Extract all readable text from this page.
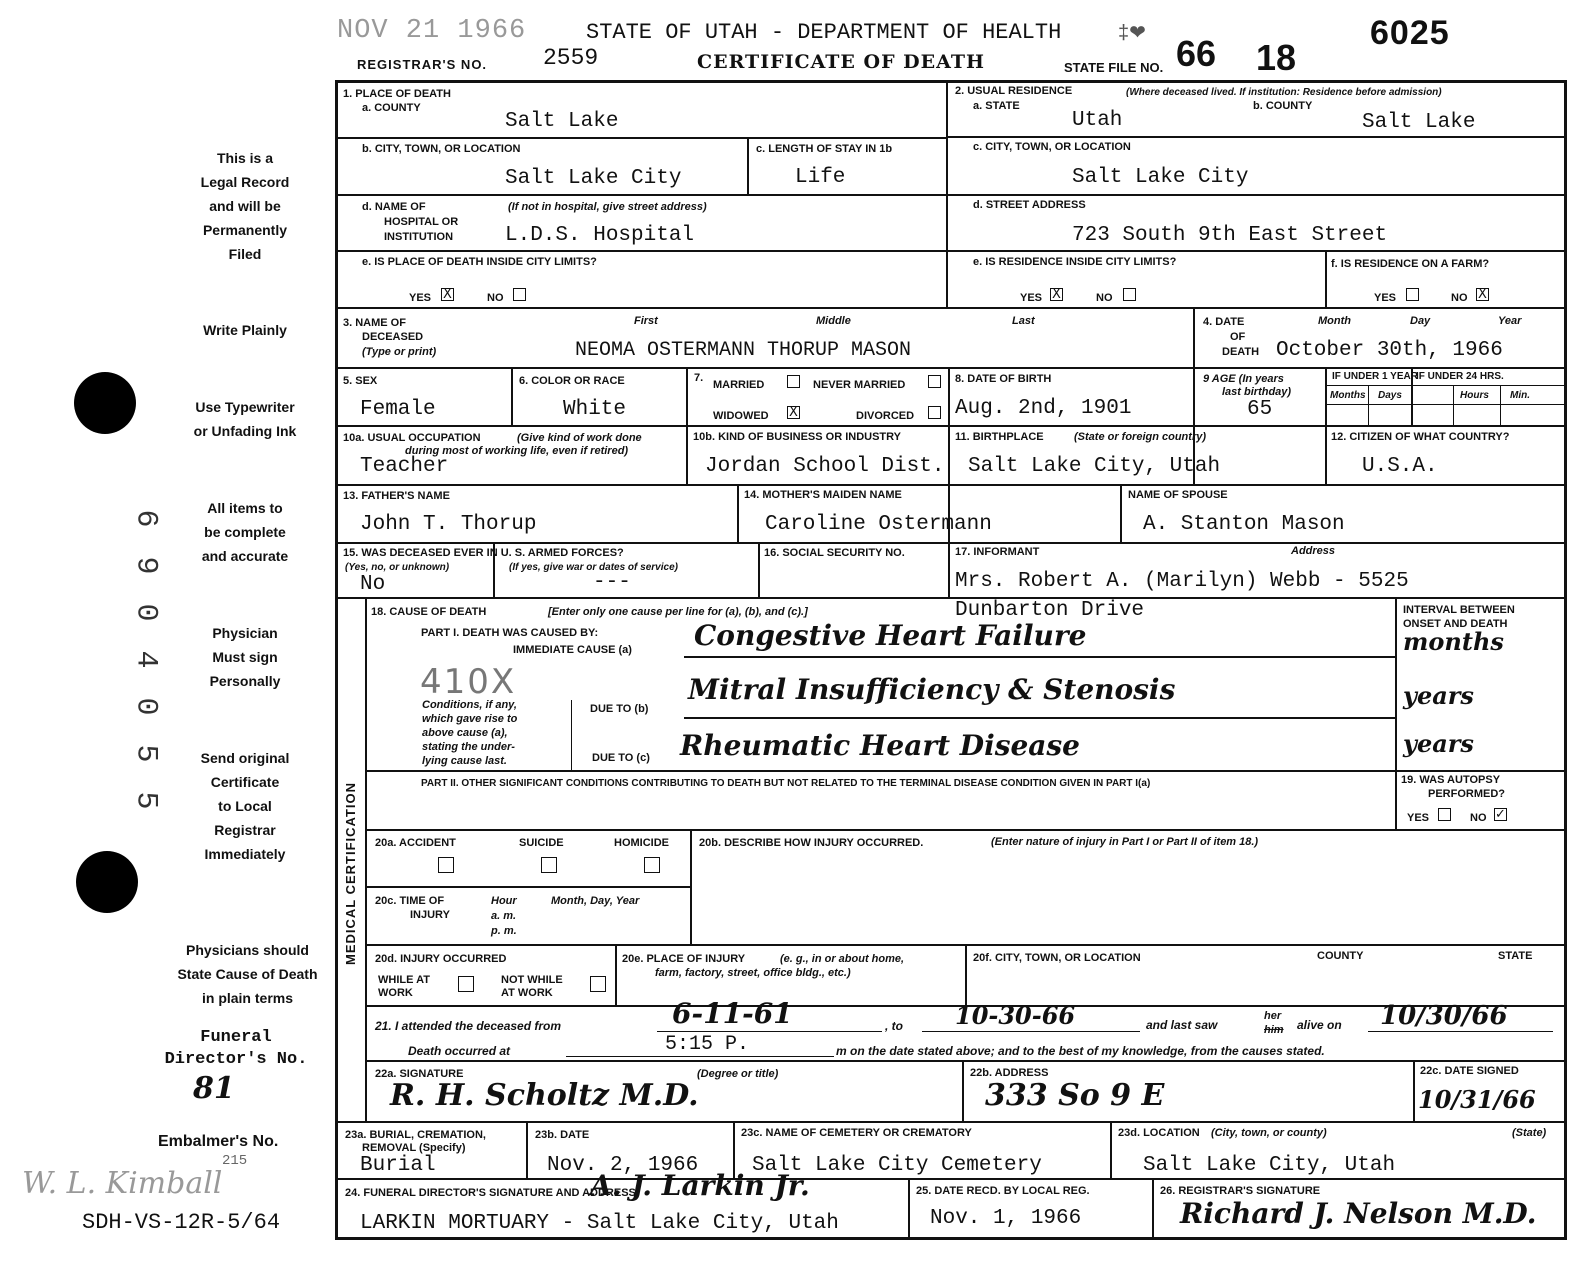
NOV 21 1966	STATE OF UTAH - DEPARTMENT OF HEALTH	‡❤
REGISTRAR'S NO. 2559	CERTIFICATE OF DEATH	STATE FILE NO. 66 18
6025
This is a
Legal Record
and will be
Permanently
Filed
Write Plainly
Use Typewriter
or Unfading Ink
All items to
be complete
and accurate
Physician
Must sign
Personally
Send original
Certificate
to Local
Registrar
Immediately
Physicians should
State Cause of Death
in plain terms
Funeral
Director's No.
81
Embalmer's No.
215
W. L. Kimball
SDH-VS-12R-5/64
6
9
0
4
0
5
5
1. PLACE OF DEATH
a. COUNTY
Salt Lake
2. USUAL RESIDENCE	(Where deceased lived. If institution: Residence before admission)
a. STATE	b. COUNTY
Utah	Salt Lake
b. CITY, TOWN, OR LOCATION
Salt Lake City
c. LENGTH OF STAY IN 1b
Life
c. CITY, TOWN, OR LOCATION
Salt Lake City
d. NAME OF
HOSPITAL OR
INSTITUTION
(If not in hospital, give street address)
L.D.S. Hospital
d. STREET ADDRESS
723 South 9th East Street
e. IS PLACE OF DEATH INSIDE CITY LIMITS?
YES X	NO
e. IS RESIDENCE INSIDE CITY LIMITS?
YES X	NO
f. IS RESIDENCE ON A FARM?
YES	NO X
3. NAME OF
DECEASED
(Type or print)
First	Middle	Last
NEOMA OSTERMANN THORUP MASON
4. DATE
OF
DEATH
Month	Day	Year
October 30th, 1966
5. SEX
Female
6. COLOR OR RACE
White
7.
MARRIED	NEVER MARRIED
WIDOWED X	DIVORCED
8. DATE OF BIRTH
Aug. 2nd, 1901
9 AGE (In years
last birthday)
65
IF UNDER 1 YEAR
IF UNDER 24 HRS.
Months Days	Hours Min.
10a. USUAL OCCUPATION	(Give kind of work done
during most of working life, even if retired)
Teacher
10b. KIND OF BUSINESS OR INDUSTRY
Jordan School Dist.
11. BIRTHPLACE	(State or foreign country)
Salt Lake City, Utah
12. CITIZEN OF WHAT COUNTRY?
U.S.A.
13. FATHER'S NAME
John T. Thorup
14. MOTHER'S MAIDEN NAME
Caroline Ostermann
NAME OF SPOUSE
A. Stanton Mason
15. WAS DECEASED EVER IN U. S. ARMED FORCES?
(Yes, no, or unknown)	(If yes, give war or dates of service)
No	---
16. SOCIAL SECURITY NO.	17. INFORMANT	Address
Mrs. Robert A. (Marilyn) Webb - 5525
Dunbarton Drive
MEDICAL CERTIFICATION
18. CAUSE OF DEATH	[Enter only one cause per line for (a), (b), and (c).]
PART I. DEATH WAS CAUSED BY:
IMMEDIATE CAUSE (a)
410X
Conditions, if any,
which gave rise to
above cause (a),
stating the under-
lying cause last.
DUE TO (b)
DUE TO (c)
Congestive Heart Failure
Mitral Insufficiency & Stenosis
Rheumatic Heart Disease
INTERVAL BETWEEN
ONSET AND DEATH
months
years
years
PART II. OTHER SIGNIFICANT CONDITIONS CONTRIBUTING TO DEATH BUT NOT RELATED TO THE TERMINAL DISEASE CONDITION GIVEN IN PART I(a)	19. WAS AUTOPSY
PERFORMED?
YES	NO ✓
20a. ACCIDENT	SUICIDE	HOMICIDE	20b. DESCRIBE HOW INJURY OCCURRED.	(Enter nature of injury in Part I or Part II of item 18.)
20c. TIME OF
INJURY
Hour
a. m.
p. m.
Month, Day, Year
20d. INJURY OCCURRED
WHILE AT
WORK
NOT WHILE
AT WORK
20e. PLACE OF INJURY	(e. g., in or about home,
farm, factory, street, office bldg., etc.)
20f. CITY, TOWN, OR LOCATION	COUNTY	STATE
21. I attended the deceased from	6-11-61	, to 10-30-66	and last saw
her
him alive on 10/30/66
Death occurred at	5:15 P.	m on the date stated above; and to the best of my knowledge, from the causes stated.
22a. SIGNATURE	(Degree or title)
R. H. Scholtz M.D.
22b. ADDRESS
333 So 9 E
22c. DATE SIGNED
10/31/66
23a. BURIAL, CREMATION,
REMOVAL (Specify)
Burial
23b. DATE
Nov. 2, 1966
23c. NAME OF CEMETERY OR CREMATORY
Salt Lake City Cemetery
23d. LOCATION (City, town, or county)	(State)
Salt Lake City, Utah
24. FUNERAL DIRECTOR'S SIGNATURE AND ADDRESS
A. J. Larkin Jr.
LARKIN MORTUARY - Salt Lake City, Utah
25. DATE RECD. BY LOCAL REG.
Nov. 1, 1966
26. REGISTRAR'S SIGNATURE
Richard J. Nelson M.D.
